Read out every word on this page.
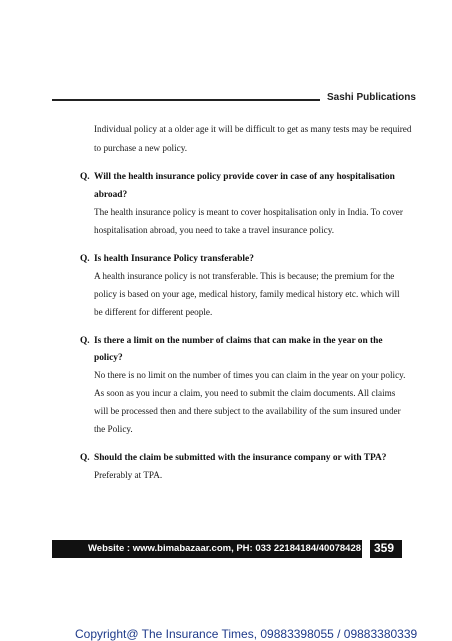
Sashi Publications
Individual policy at a older age it will be difficult to get as many tests may be required
to purchase a new policy.
Q. Will the health insurance policy provide cover in case of any hospitalisation
abroad?
The health insurance policy is meant to cover hospitalisation only in India. To cover
hospitalisation abroad, you need to take a travel insurance policy.
Q. Is health Insurance Policy transferable?
A health insurance policy is not transferable. This is because; the premium for the
policy is based on your age, medical history, family medical history etc. which will
be different for different people.
Q. Is there a limit on the number of claims that can make in the year on the
policy?
No there is no limit on the number of times you can claim in the year on your policy.
As soon as you incur a claim, you need to submit the claim documents. All claims
will be processed then and there subject to the availability of the sum insured under
the Policy.
Q. Should the claim be submitted with the insurance company or with TPA?
Preferably at TPA.
Website : www.bimabazaar.com, PH: 033 22184184/40078428 359
Copyright@ The Insurance Times, 09883398055 / 09883380339
